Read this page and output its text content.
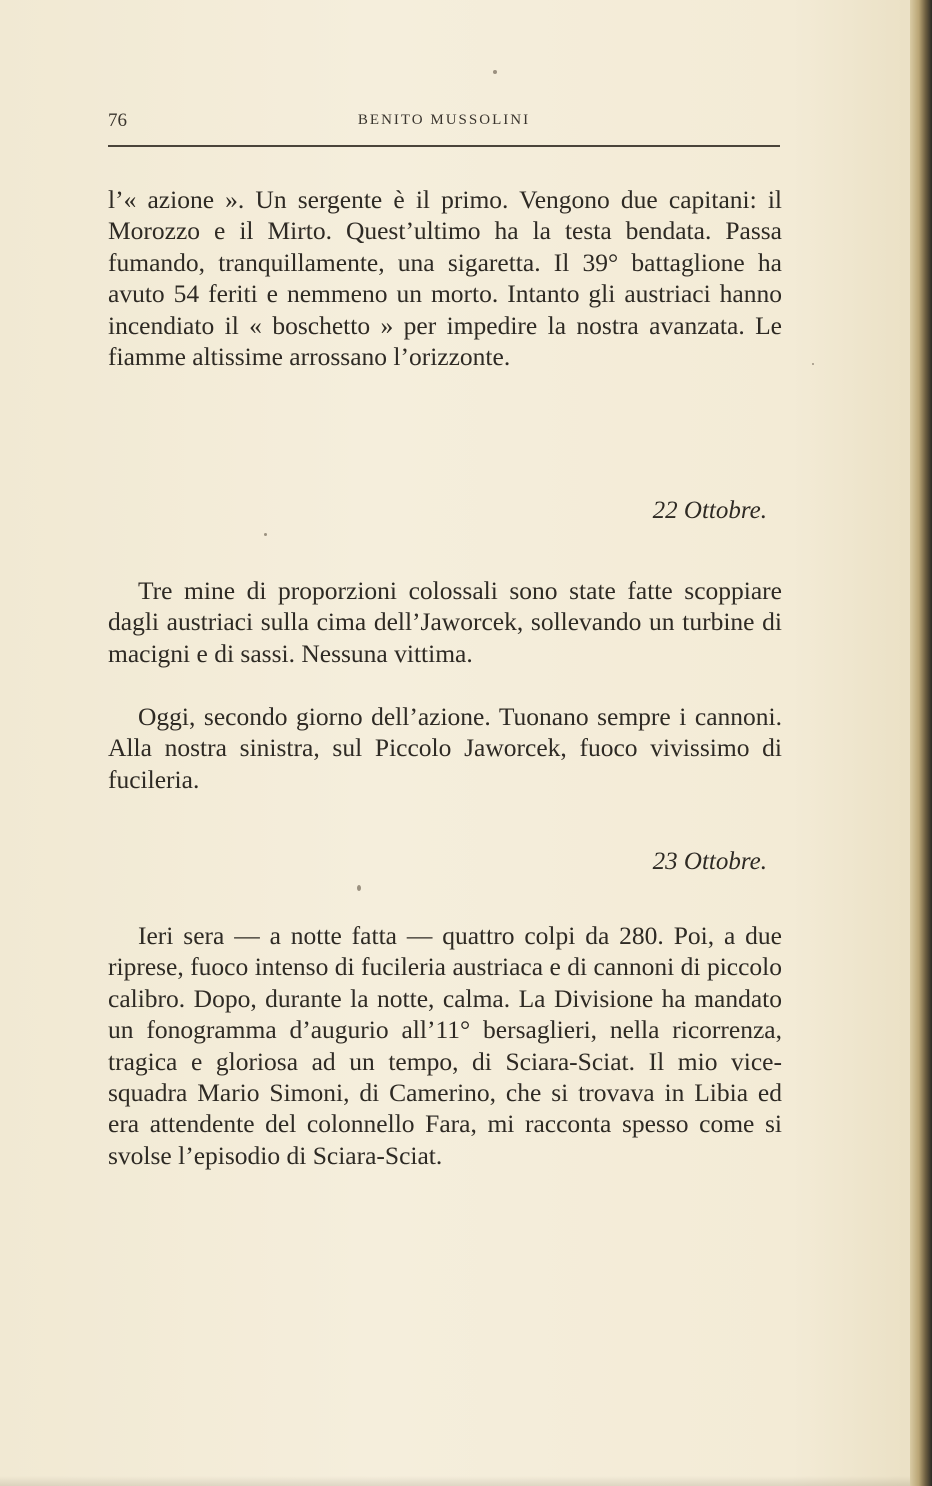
76	BENITO MUSSOLINI

l’« azione ». Un sergente è il primo. Vengono due capitani: il Morozzo e il Mirto. Quest’ultimo ha la testa bendata. Passa fumando, tranquillamente, una sigaretta. Il 39° battaglione ha avuto 54 feriti e nemmeno un morto. Intanto gli austriaci hanno incendiato il « boschetto » per impedire la nostra avanzata. Le fiamme altissime arrossano l’orizzonte.

22 Ottobre.

Tre mine di proporzioni colossali sono state fatte scoppiare dagli austriaci sulla cima dell’Jaworcek, sollevando un turbine di macigni e di sassi. Nessuna vittima.

Oggi, secondo giorno dell’azione. Tuonano sempre i cannoni. Alla nostra sinistra, sul Piccolo Jaworcek, fuoco vivissimo di fucileria.

23 Ottobre.

Ieri sera — a notte fatta — quattro colpi da 280. Poi, a due riprese, fuoco intenso di fucileria austriaca e di cannoni di piccolo calibro. Dopo, durante la notte, calma. La Divisione ha mandato un fonogramma d’augurio all’11° bersaglieri, nella ricorrenza, tragica e gloriosa ad un tempo, di Sciara-Sciat. Il mio vice-squadra Mario Simoni, di Camerino, che si trovava in Libia ed era attendente del colonnello Fara, mi racconta spesso come si svolse l’episodio di Sciara-Sciat.
